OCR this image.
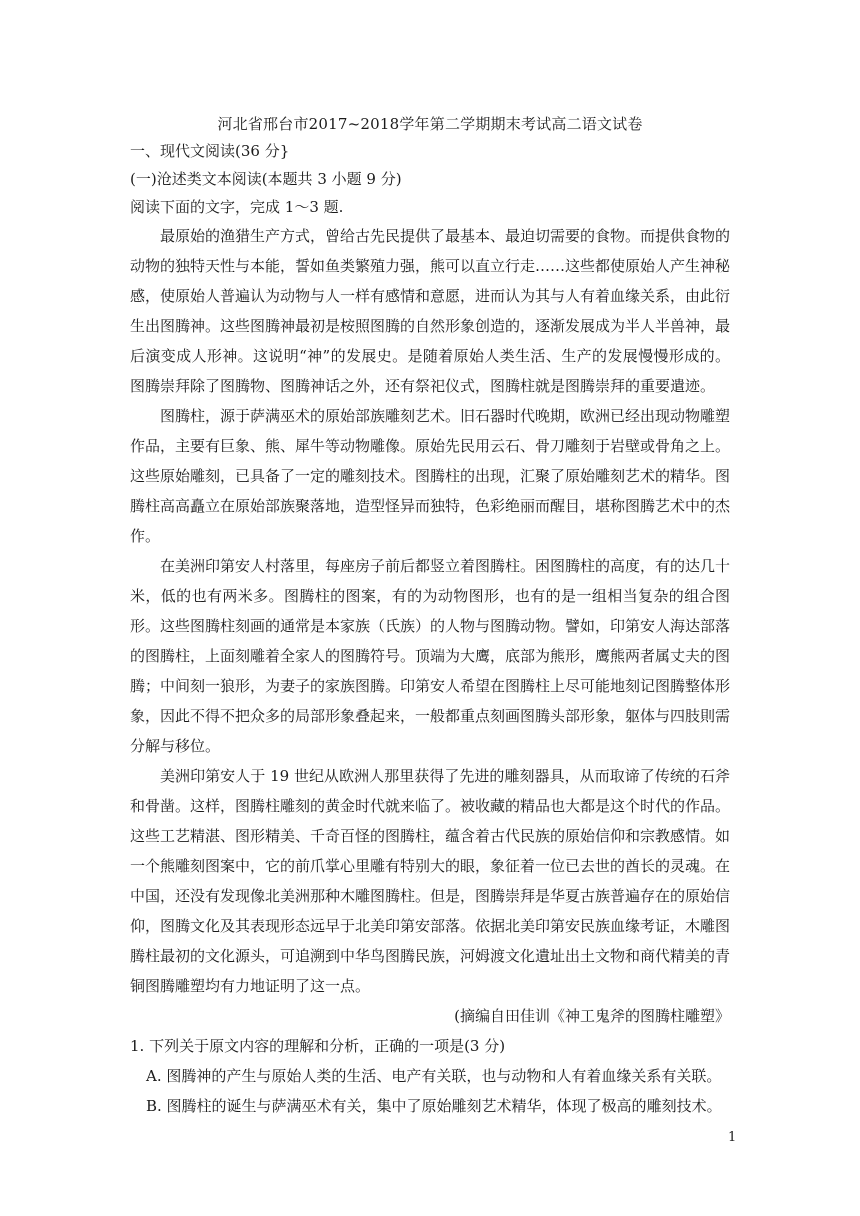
河北省邢台市2017~2018学年第二学期期末考试高二语文试卷

一、现代文阅读(36 分}

(一)沧述类文本阅读(本题共 3 小题 9 分)

阅读下面的文字，完成 1～3 题.

最原始的渔猎生产方式，曾给古先民提供了最基本、最迫切需要的食物。而提供食物的动物的独特天性与本能，誓如鱼类繁殖力强，熊可以直立行走……这些都使原始人产生神秘感，使原始人普遍认为动物与人一样有感情和意愿，进而认为其与人有着血缘关系，由此衍生出图腾神。这些图腾神最初是桉照图腾的自然形象创造的，逐渐发展成为半人半兽神，最后演变成人形神。这说明“神”的发展史。是随着原始人类生活、生产的发展慢慢形成的。图腾崇拜除了图腾物、图腾神话之外，还有祭祀仪式，图腾柱就是图腾崇拜的重要遣迹。

图腾柱，源于萨满巫术的原始部族雕刻艺术。旧石器时代晚期，欧洲已经出现动物雕塑作品，主要有巨象、熊、犀牛等动物雕像。原始先民用云石、骨刀雕刻于岩壁或骨角之上。这些原始雕刻，已具备了一定的雕刻技术。图腾柱的出现，汇聚了原始雕刻艺术的精华。图腾柱高高矗立在原始部族聚落地，造型怪异而独特，色彩绝丽而醒目，堪称图腾艺术中的杰作。

在美洲印第安人村落里，每座房子前后都竖立着图腾柱。困图腾柱的高度，有的达几十米，低的也有两米多。图腾柱的图案，有的为动物图形，也有的是一组相当复杂的组合图形。这些图腾柱刻画的通常是本家族（氏族）的人物与图腾动物。譬如，印第安人海达部落的图腾柱，上面刻雕着全家人的图腾符号。顶端为大鹰，底部为熊形，鹰熊两者属丈夫的图腾；中间刻一狼形，为妻子的家族图腾。印第安人希望在图腾柱上尽可能地刻记图腾整体形象，因此不得不把众多的局部形象叠起来，一般都重点刻画图腾头部形象，躯体与四肢則需分解与移位。

美洲印第安人于 19 世纪从欧洲人那里获得了先进的雕刻器具，从而取谛了传统的石斧和骨凿。这样，图腾柱雕刻的黄金时代就来临了。被收藏的精品也大都是这个时代的作品。这些工艺精湛、图形精美、千奇百怪的图腾柱，蕴含着古代民族的原始信仰和宗教感情。如一个熊雕刻图案中，它的前爪掌心里雕有特别大的眼，象征着一位已去世的酋长的灵魂。在中国，还没有发现像北美洲那种木雕图腾柱。但是，图腾崇拜是华夏古族普遍存在的原始信仰，图腾文化及其表现形态远早于北美印第安部落。依据北美印第安民族血缘考证，木雕图腾柱最初的文化源头，可追溯到中华鸟图腾民族，河姆渡文化遺址出土文物和商代精美的青铜图腾雕塑均有力地证明了这一点。

(摘编自田佳训《神工鬼斧的图腾柱雕塑》

1. 下列关于原文内容的理解和分析，正确的一项是(3 分)

A. 图腾神的产生与原始人类的生活、电产有关联，也与动物和人有着血缘关系有关联。

B. 图腾柱的诞生与萨满巫术有关，集中了原始雕刻艺术精华，体现了极高的雕刻技术。

1
